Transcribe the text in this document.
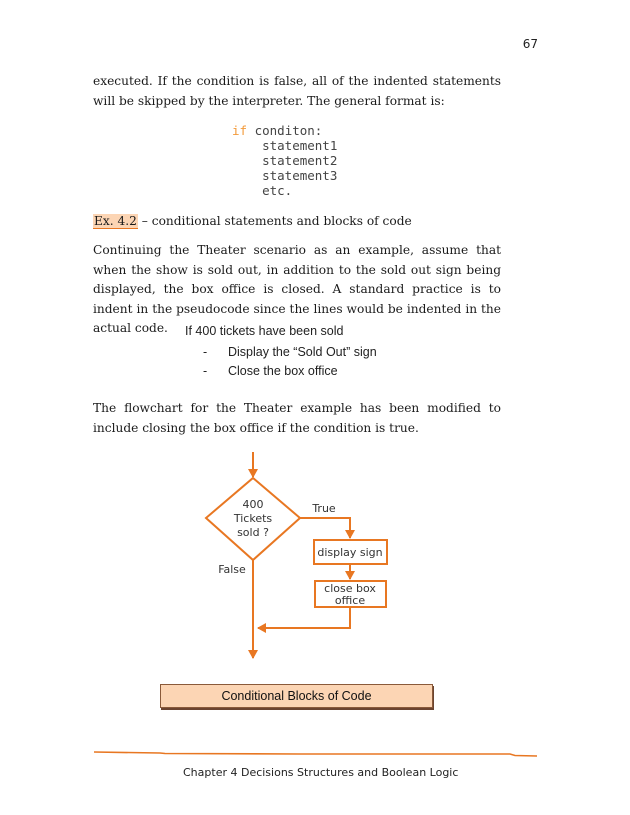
67
executed. If the condition is false, all of the indented statements will be skipped by the interpreter. The general format is:
if conditon:
statement1
statement2
statement3
etc.
Ex. 4.2 – conditional statements and blocks of code
Continuing the Theater scenario as an example, assume that when the show is sold out, in addition to the sold out sign being displayed, the box office is closed. A standard practice is to indent in the pseudocode since the lines would be indented in the actual code.	If 400 tickets have been sold
- Display the “Sold Out” sign
- Close the box office
The flowchart for the Theater example has been modified to include closing the box office if the condition is true.
400
Tickets
sold ?
True
False
display sign
close box
office
Conditional Blocks of Code
Chapter 4 Decisions Structures and Boolean Logic
